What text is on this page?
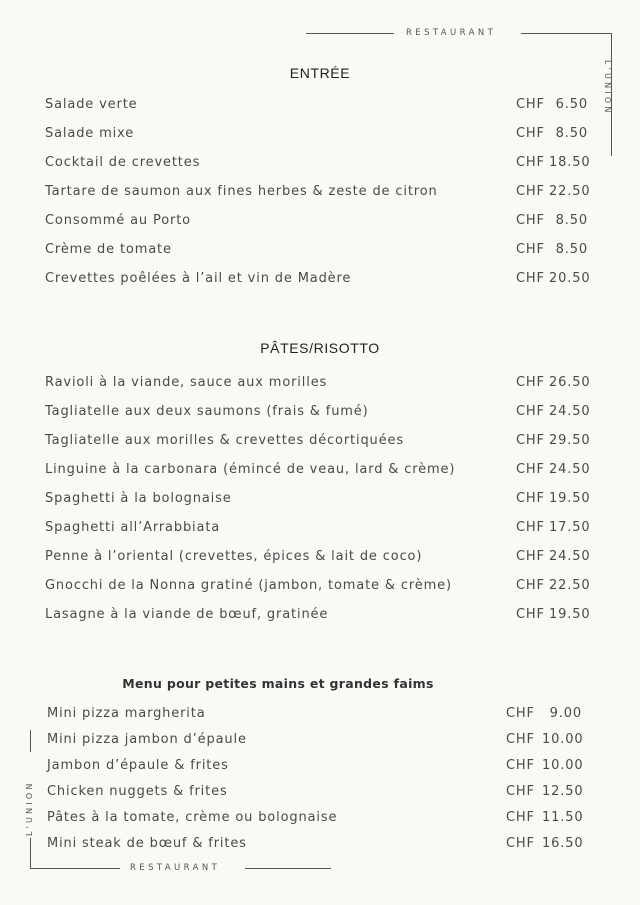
RESTAURANT
L'UNION
ENTRÉE
Salade verte	CHF 6.50
Salade mixe	CHF 8.50
Cocktail de crevettes	CHF 18.50
Tartare de saumon aux fines herbes & zeste de citron	CHF 22.50
Consommé au Porto	CHF 8.50
Crème de tomate	CHF 8.50
Crevettes poêlées à l’ail et vin de Madère	CHF 20.50
PÂTES/RISOTTO
Ravioli à la viande, sauce aux morilles	CHF 26.50
Tagliatelle aux deux saumons (frais & fumé)	CHF 24.50
Tagliatelle aux morilles & crevettes décortiquées	CHF 29.50
Linguine à la carbonara (émincé de veau, lard & crème)	CHF 24.50
Spaghetti à la bolognaise	CHF 19.50
Spaghetti all’Arrabbiata	CHF 17.50
Penne à l’oriental (crevettes, épices & lait de coco)	CHF 24.50
Gnocchi de la Nonna gratiné (jambon, tomate & crème)	CHF 22.50
Lasagne à la viande de bœuf, gratinée	CHF 19.50
Menu pour petites mains et grandes faims
Mini pizza margherita	CHF	9.00
Mini pizza jambon d’épaule	CHF 10.00
Jambon d’épaule & frites	CHF 10.00
Chicken nuggets & frites	CHF 12.50
Pâtes à la tomate, crème ou bolognaise	CHF 11.50
Mini steak de bœuf & frites	CHF 16.50
L'UNION
RESTAURANT
